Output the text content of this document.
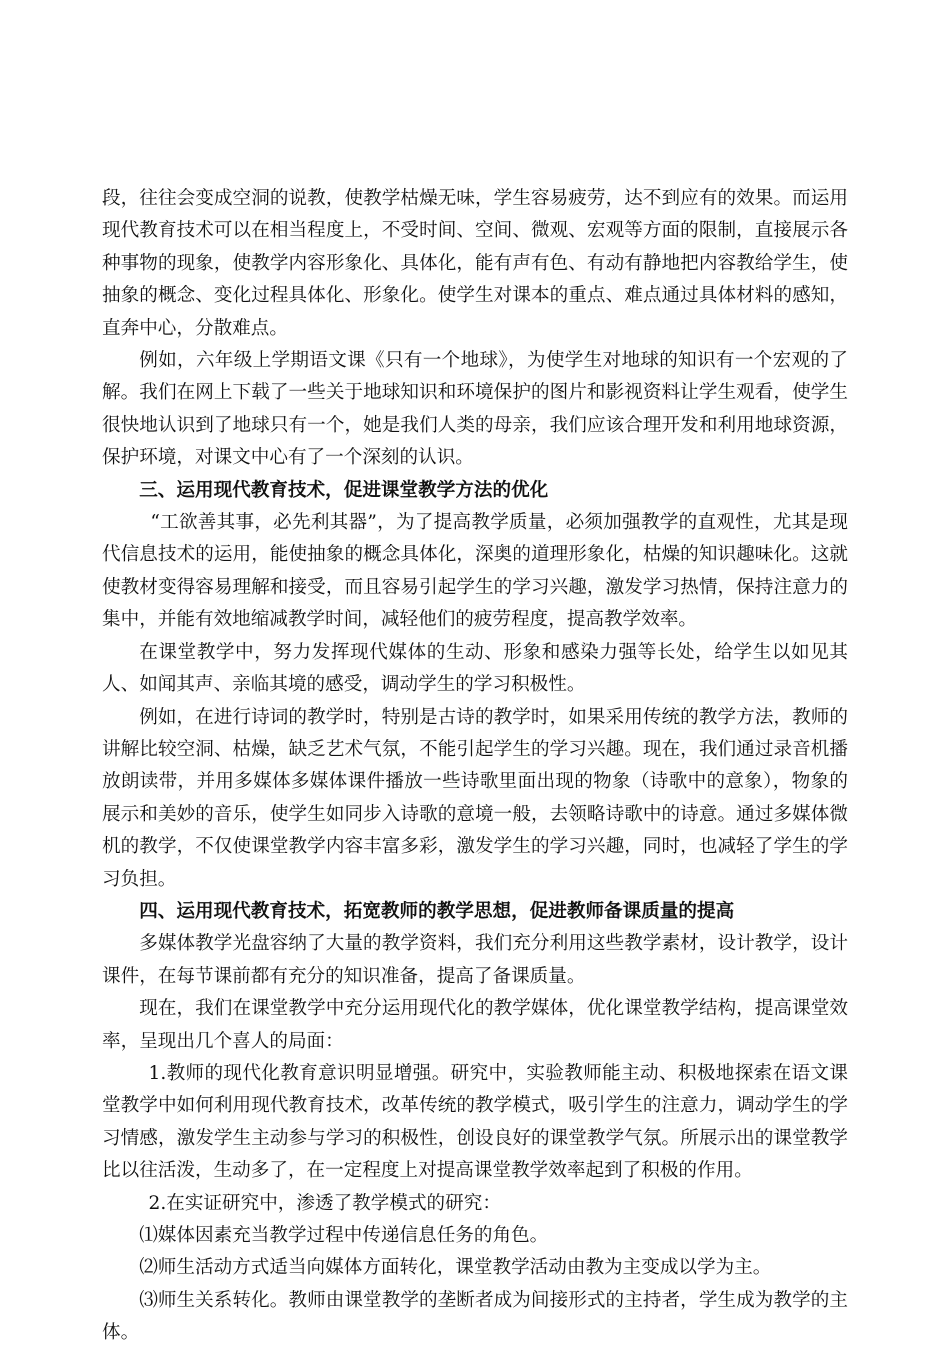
段，往往会变成空洞的说教，使教学枯燥无味，学生容易疲劳，达不到应有的效果。而运用现代教育技术可以在相当程度上，不受时间、空间、微观、宏观等方面的限制，直接展示各种事物的现象，使教学内容形象化、具体化，能有声有色、有动有静地把内容教给学生，使抽象的概念、变化过程具体化、形象化。使学生对课本的重点、难点通过具体材料的感知，直奔中心，分散难点。

例如，六年级上学期语文课《只有一个地球》，为使学生对地球的知识有一个宏观的了解。我们在网上下载了一些关于地球知识和环境保护的图片和影视资料让学生观看，使学生很快地认识到了地球只有一个，她是我们人类的母亲，我们应该合理开发和利用地球资源，保护环境，对课文中心有了一个深刻的认识。

三、运用现代教育技术，促进课堂教学方法的优化

“工欲善其事，必先利其器”，为了提高教学质量，必须加强教学的直观性，尤其是现代信息技术的运用，能使抽象的概念具体化，深奥的道理形象化，枯燥的知识趣味化。这就使教材变得容易理解和接受，而且容易引起学生的学习兴趣，激发学习热情，保持注意力的集中，并能有效地缩减教学时间，减轻他们的疲劳程度，提高教学效率。

在课堂教学中，努力发挥现代媒体的生动、形象和感染力强等长处，给学生以如见其人、如闻其声、亲临其境的感受，调动学生的学习积极性。

例如，在进行诗词的教学时，特别是古诗的教学时，如果采用传统的教学方法，教师的讲解比较空洞、枯燥，缺乏艺术气氛，不能引起学生的学习兴趣。现在，我们通过录音机播放朗读带，并用多媒体多媒体课件播放一些诗歌里面出现的物象（诗歌中的意象），物象的展示和美妙的音乐，使学生如同步入诗歌的意境一般，去领略诗歌中的诗意。通过多媒体微机的教学，不仅使课堂教学内容丰富多彩，激发学生的学习兴趣，同时，也减轻了学生的学习负担。

四、运用现代教育技术，拓宽教师的教学思想，促进教师备课质量的提高

多媒体教学光盘容纳了大量的教学资料，我们充分利用这些教学素材，设计教学，设计课件，在每节课前都有充分的知识准备，提高了备课质量。

现在，我们在课堂教学中充分运用现代化的教学媒体，优化课堂教学结构，提高课堂效率，呈现出几个喜人的局面：

1.教师的现代化教育意识明显增强。研究中，实验教师能主动、积极地探索在语文课堂教学中如何利用现代教育技术，改革传统的教学模式，吸引学生的注意力，调动学生的学习情感，激发学生主动参与学习的积极性，创设良好的课堂教学气氛。所展示出的课堂教学比以往活泼，生动多了，在一定程度上对提高课堂教学效率起到了积极的作用。

2.在实证研究中，渗透了教学模式的研究：

⑴媒体因素充当教学过程中传递信息任务的角色。

⑵师生活动方式适当向媒体方面转化，课堂教学活动由教为主变成以学为主。

⑶师生关系转化。教师由课堂教学的垄断者成为间接形式的主持者，学生成为教学的主体。
